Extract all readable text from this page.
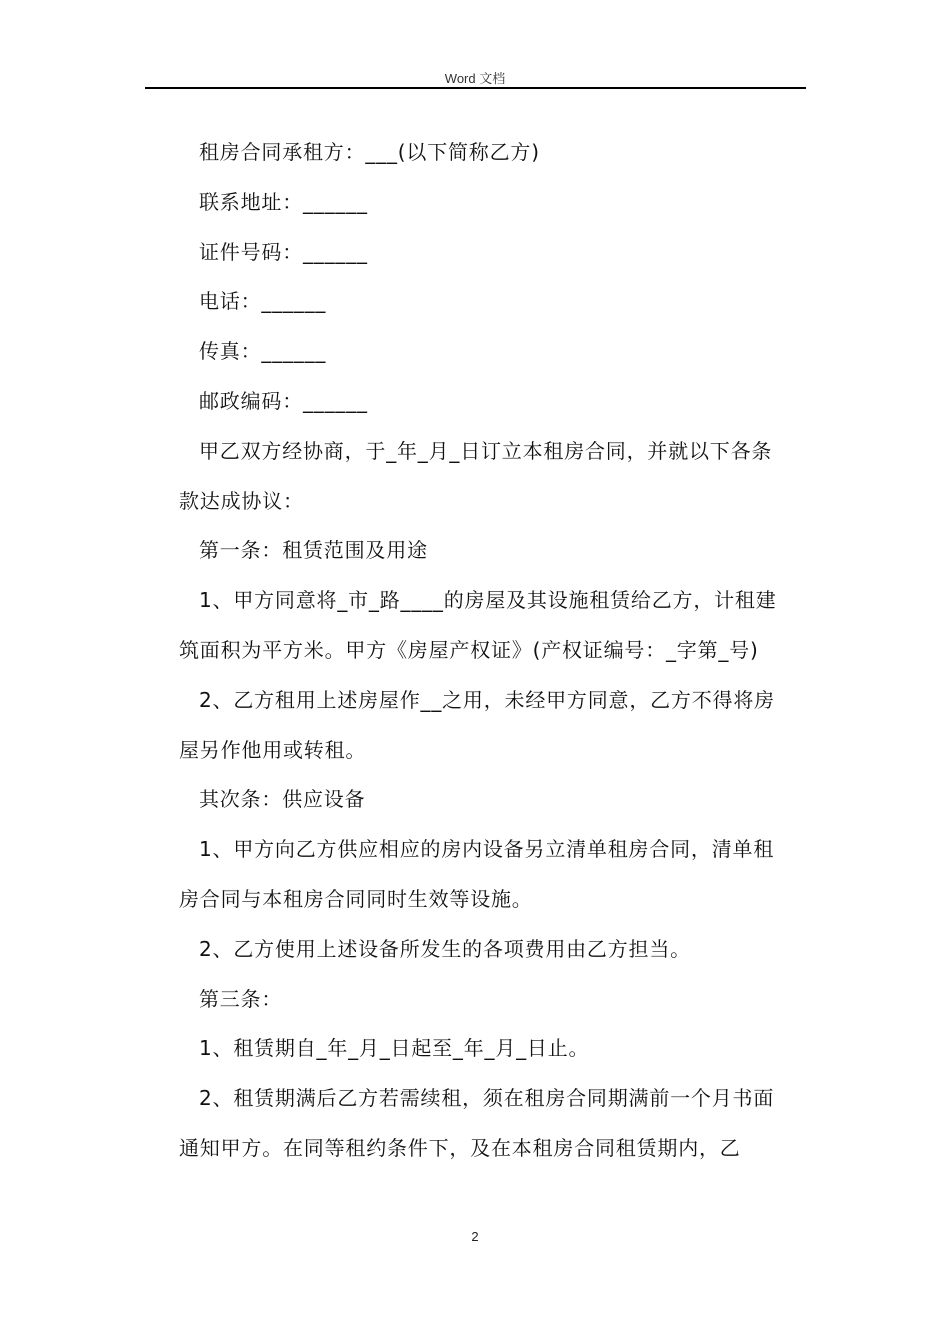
Word 文档

租房合同承租方：___(以下简称乙方)

联系地址：______

证件号码：______

电话：______

传真：______

邮政编码：______

甲乙双方经协商，于_年_月_日订立本租房合同，并就以下各条款达成协议：

第一条：租赁范围及用途

1、甲方同意将_市_路____的房屋及其设施租赁给乙方，计租建筑面积为平方米。甲方《房屋产权证》(产权证编号：_字第_号)

2、乙方租用上述房屋作__之用，未经甲方同意，乙方不得将房屋另作他用或转租。

其次条：供应设备

1、甲方向乙方供应相应的房内设备另立清单租房合同，清单租房合同与本租房合同同时生效等设施。

2、乙方使用上述设备所发生的各项费用由乙方担当。

第三条：

1、租赁期自_年_月_日起至_年_月_日止。

2、租赁期满后乙方若需续租，须在租房合同期满前一个月书面通知甲方。在同等租约条件下，及在本租房合同租赁期内，乙

2
